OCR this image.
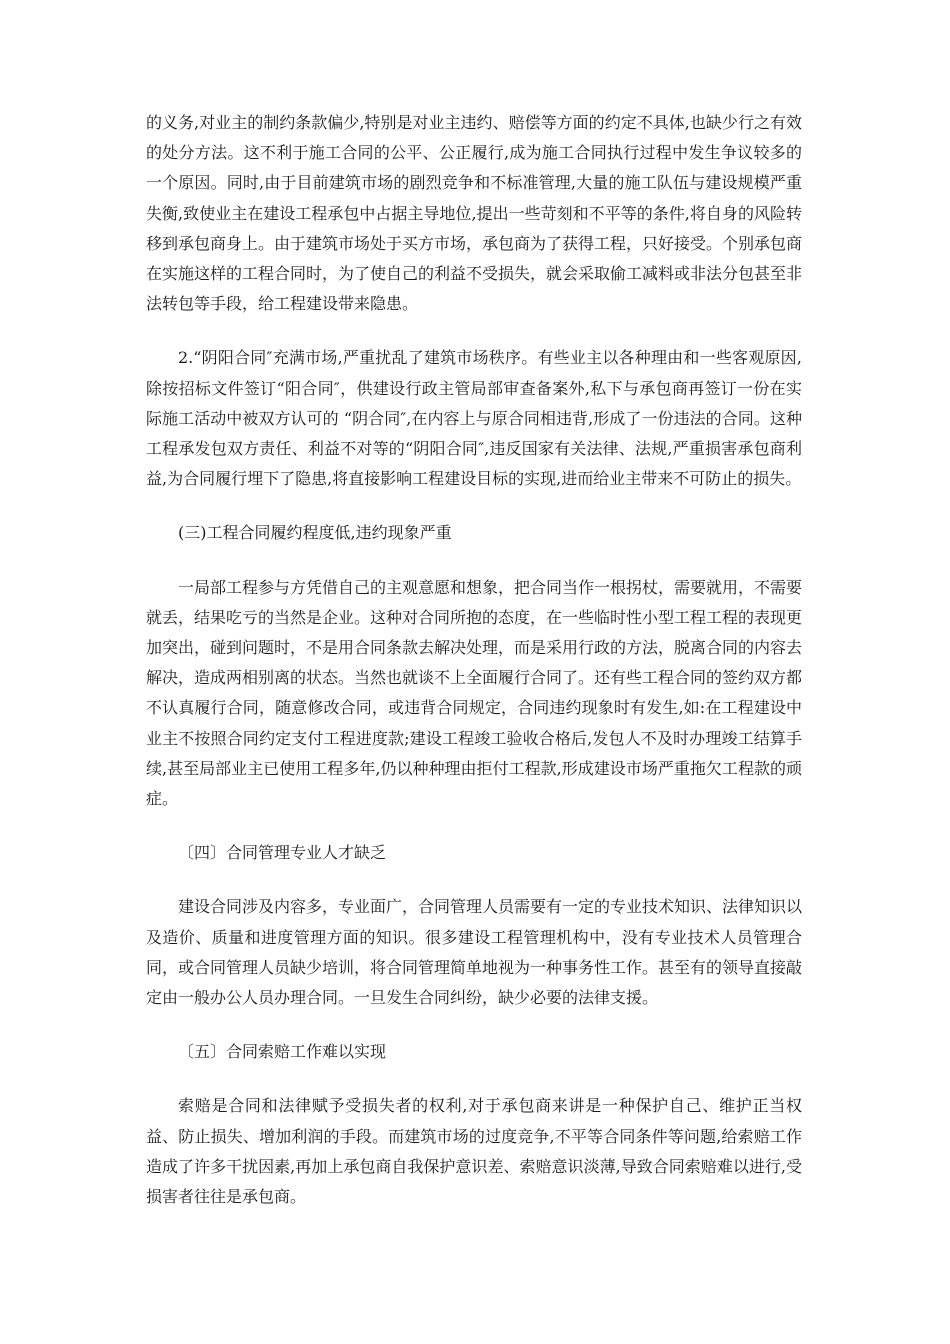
的义务,对业主的制约条款偏少,特别是对业主违约、赔偿等方面的约定不具体,也缺少行之有效的处分方法。这不利于施工合同的公平、公正履行,成为施工合同执行过程中发生争议较多的一个原因。同时,由于目前建筑市场的剧烈竞争和不标准管理,大量的施工队伍与建设规模严重失衡,致使业主在建设工程承包中占据主导地位,提出一些苛刻和不平等的条件,将自身的风险转移到承包商身上。由于建筑市场处于买方市场，承包商为了获得工程，只好接受。个别承包商在实施这样的工程合同时，为了使自己的利益不受损失，就会采取偷工减料或非法分包甚至非法转包等手段，给工程建设带来隐患。

2.“阴阳合同″充满市场,严重扰乱了建筑市场秩序。有些业主以各种理由和一些客观原因,除按招标文件签订“阳合同″，供建设行政主管局部审查备案外,私下与承包商再签订一份在实际施工活动中被双方认可的 “阴合同″,在内容上与原合同相违背,形成了一份违法的合同。这种工程承发包双方责任、利益不对等的“阴阳合同″,违反国家有关法律、法规,严重损害承包商利益,为合同履行埋下了隐患,将直接影响工程建设目标的实现,进而给业主带来不可防止的损失。

(三)工程合同履约程度低,违约现象严重

一局部工程参与方凭借自己的主观意愿和想象，把合同当作一根拐杖，需要就用，不需要就丢，结果吃亏的当然是企业。这种对合同所抱的态度，在一些临时性小型工程工程的表现更加突出，碰到问题时，不是用合同条款去解决处理，而是采用行政的方法，脱离合同的内容去解决，造成两相别离的状态。当然也就谈不上全面履行合同了。还有些工程合同的签约双方都不认真履行合同，随意修改合同，或违背合同规定，合同违约现象时有发生,如:在工程建设中业主不按照合同约定支付工程进度款;建设工程竣工验收合格后,发包人不及时办理竣工结算手续,甚至局部业主已使用工程多年,仍以种种理由拒付工程款,形成建设市场严重拖欠工程款的顽症。

〔四〕合同管理专业人才缺乏

建设合同涉及内容多，专业面广，合同管理人员需要有一定的专业技术知识、法律知识以及造价、质量和进度管理方面的知识。很多建设工程管理机构中，没有专业技术人员管理合同，或合同管理人员缺少培训，将合同管理简单地视为一种事务性工作。甚至有的领导直接敲定由一般办公人员办理合同。一旦发生合同纠纷，缺少必要的法律支援。

〔五〕合同索赔工作难以实现

索赔是合同和法律赋予受损失者的权利,对于承包商来讲是一种保护自己、维护正当权益、防止损失、增加利润的手段。而建筑市场的过度竞争,不平等合同条件等问题,给索赔工作造成了许多干扰因素,再加上承包商自我保护意识差、索赔意识淡薄,导致合同索赔难以进行,受损害者往往是承包商。
